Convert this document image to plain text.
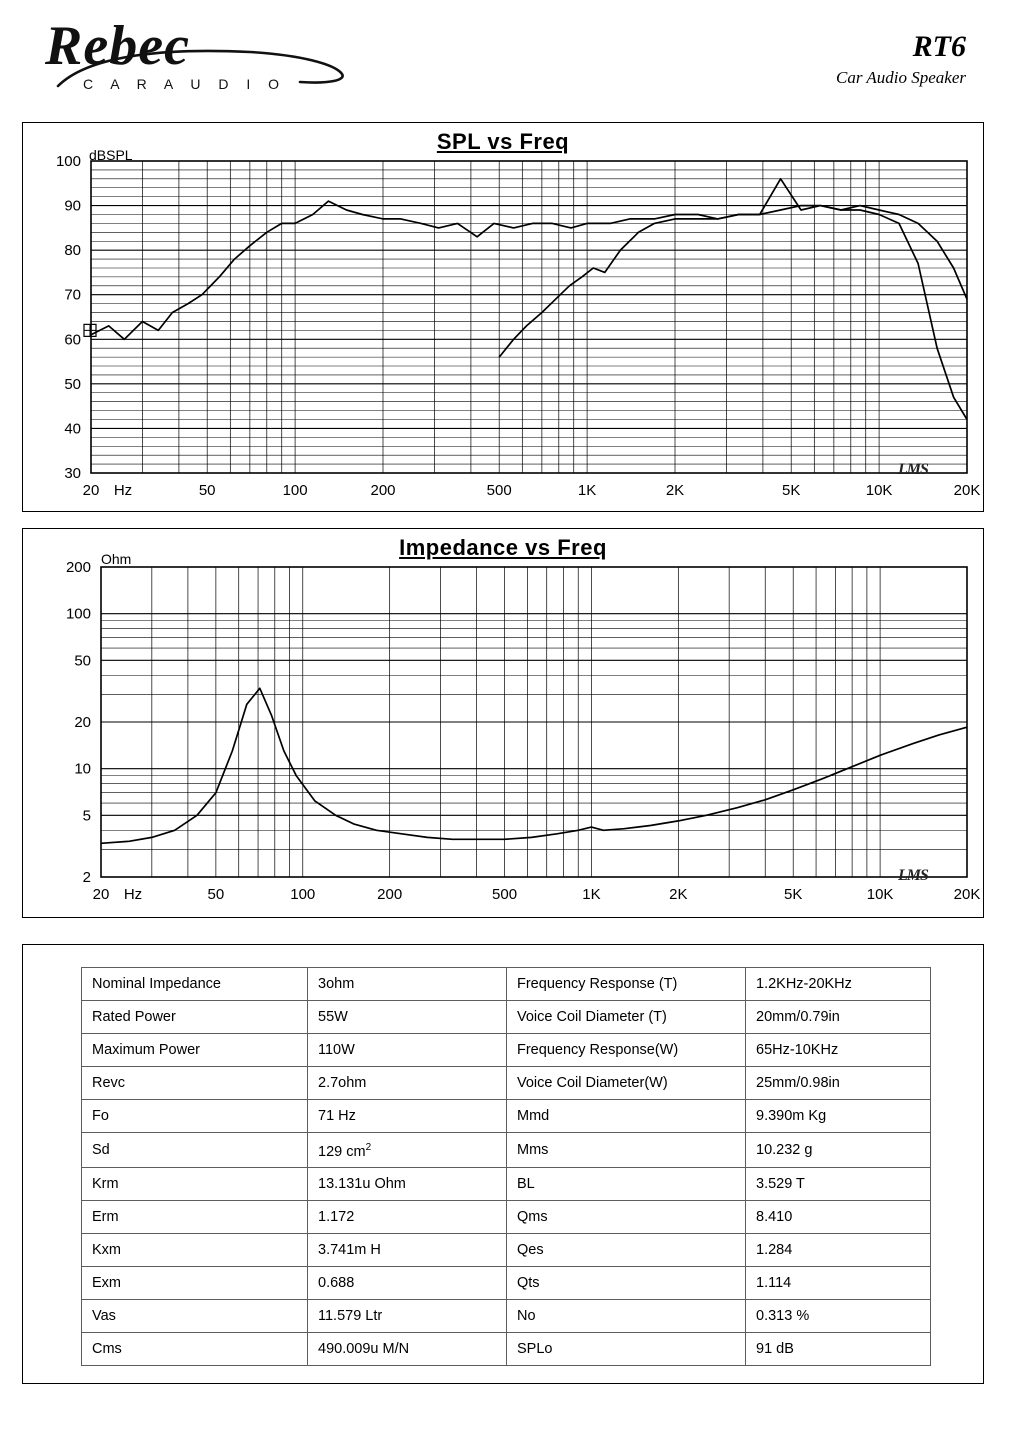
Rebec
C A R A U D I O
RT6
Car Audio Speaker
SPL vs Freq
dBSPL
30
40
50
60
70
80
90
100
20	50	100	200	500	1K	2K	5K	10K	20K
Hz
LMS
Impedance vs Freq
Ohm
2
5
10
20
50
100
200
20	50	100	200	500	1K	2K	5K	10K	20K
Hz
LMS
Nominal Impedance	3ohm	Frequency Response (T)	1.2KHz-20KHz
Rated Power	55W	Voice Coil Diameter (T)	20mm/0.79in
Maximum Power	110W	Frequency Response(W)	65Hz-10KHz
Revc	2.7ohm	Voice Coil Diameter(W)	25mm/0.98in
Fo	71 Hz	Mmd	9.390m Kg
Sd	129 $cm^2$	Mms	10.232 g
Krm	13.131u Ohm	BL	3.529 T
Erm	1.172	Qms	8.410
Kxm	3.741m H	Qes	1.284
Exm	0.688	Qts	1.114
Vas	11.579 Ltr	No	0.313 %
Cms	490.009u M/N	SPLo	91 dB
